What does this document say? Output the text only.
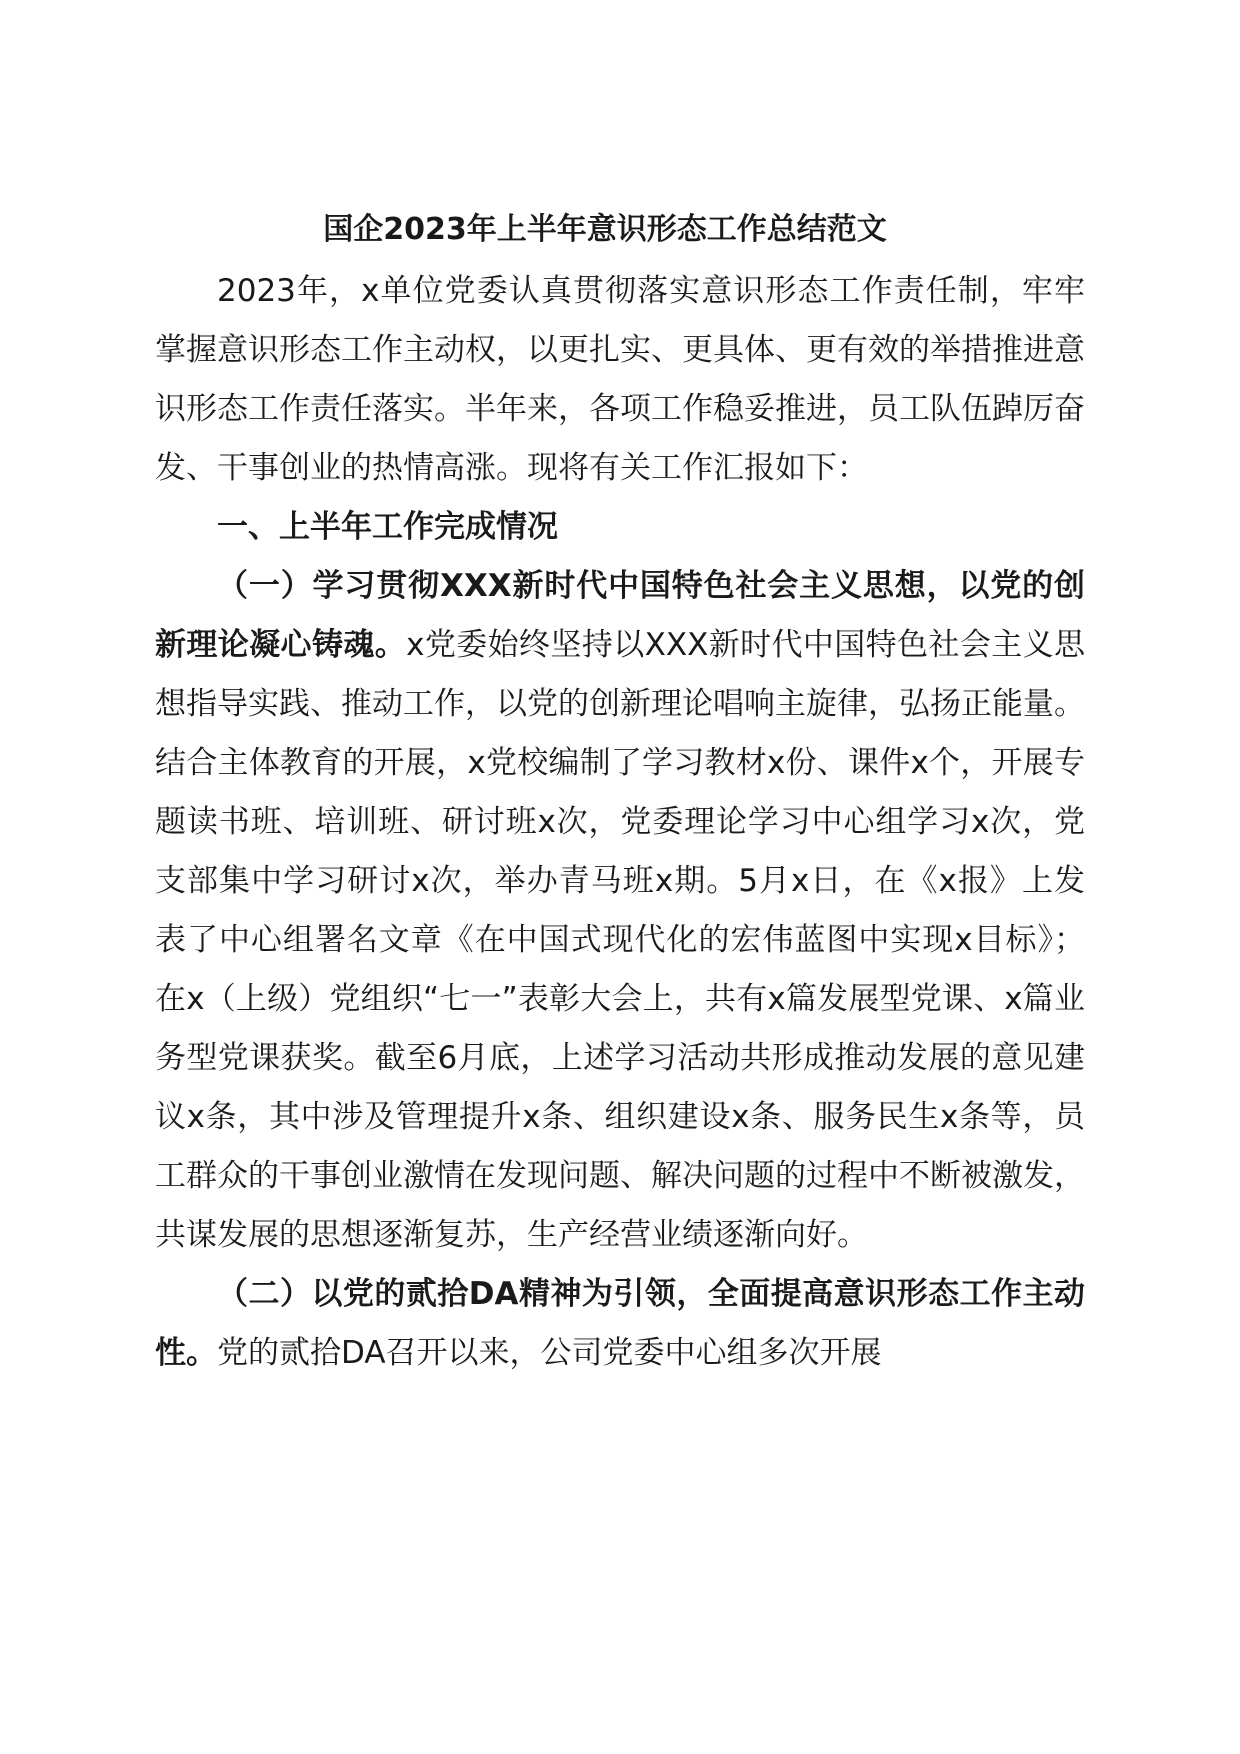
国企2023年上半年意识形态工作总结范文

2023年，x单位党委认真贯彻落实意识形态工作责任制，牢牢掌握意识形态工作主动权，以更扎实、更具体、更有效的举措推进意识形态工作责任落实。半年来，各项工作稳妥推进，员工队伍踔厉奋发、干事创业的热情高涨。现将有关工作汇报如下：

一、上半年工作完成情况

（一）学习贯彻XXX新时代中国特色社会主义思想，以党的创新理论凝心铸魂。x党委始终坚持以XXX新时代中国特色社会主义思想指导实践、推动工作，以党的创新理论唱响主旋律，弘扬正能量。结合主体教育的开展，x党校编制了学习教材x份、课件x个，开展专题读书班、培训班、研讨班x次，党委理论学习中心组学习x次，党支部集中学习研讨x次，举办青马班x期。5月x日，在《x报》上发表了中心组署名文章《在中国式现代化的宏伟蓝图中实现x目标》；在x（上级）党组织“七一”表彰大会上，共有x篇发展型党课、x篇业务型党课获奖。截至6月底，上述学习活动共形成推动发展的意见建议x条，其中涉及管理提升x条、组织建设x条、服务民生x条等，员工群众的干事创业激情在发现问题、解决问题的过程中不断被激发，共谋发展的思想逐渐复苏，生产经营业绩逐渐向好。

（二）以党的贰拾DA精神为引领，全面提高意识形态工作主动性。党的贰拾DA召开以来，公司党委中心组多次开展
